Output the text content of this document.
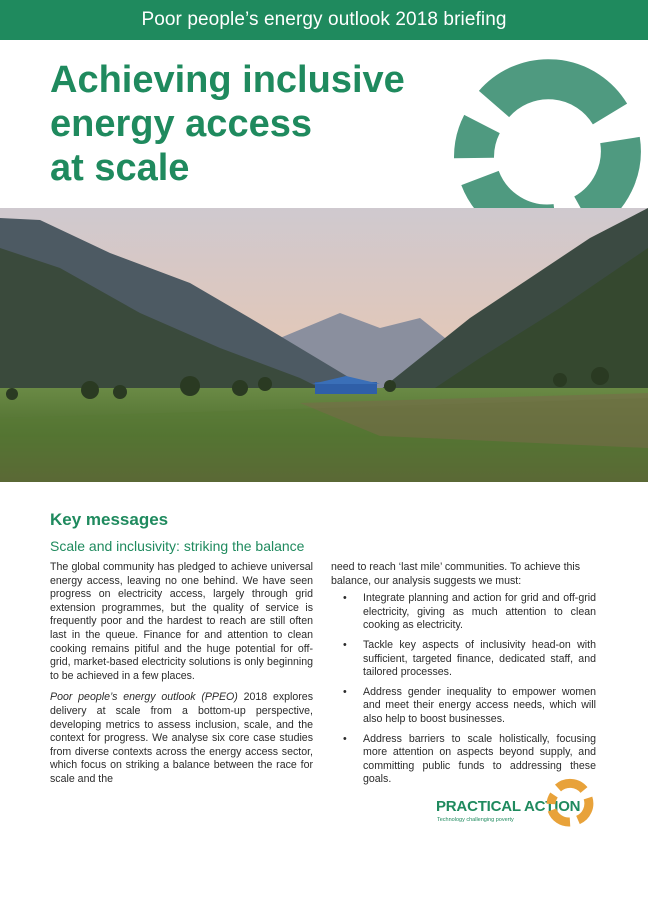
Poor people’s energy outlook 2018 briefing
Achieving inclusive
energy access
at scale
Key messages
Scale and inclusivity: striking the balance

The global community has pledged to achieve universal energy access, leaving no one behind. We have seen progress on electricity access, largely through grid extension programmes, but the quality of service is frequently poor and the hardest to reach are still often last in the queue. Finance for and attention to clean cooking remains pitiful and the huge potential for off-grid, market-based electricity solutions is only beginning to be achieved in a few places.

Poor people’s energy outlook (PPEO) 2018 explores delivery at scale from a bottom-up perspective, developing metrics to assess inclusion, scale, and the context for progress. We analyse six core case studies from diverse contexts across the energy access sector, which focus on striking a balance between the race for scale and the

need to reach ‘last mile’ communities. To achieve this balance, our analysis suggests we must:

• Integrate planning and action for grid and off-grid electricity, giving as much attention to clean cooking as electricity.
• Tackle key aspects of inclusivity head-on with sufficient, targeted finance, dedicated staff, and tailored processes.
• Address gender inequality to empower women and meet their energy access needs, which will also help to boost businesses.
• Address barriers to scale holistically, focusing more attention on aspects beyond supply, and committing public funds to addressing these goals.
PRACTICAL ACTION
Technology challenging poverty
